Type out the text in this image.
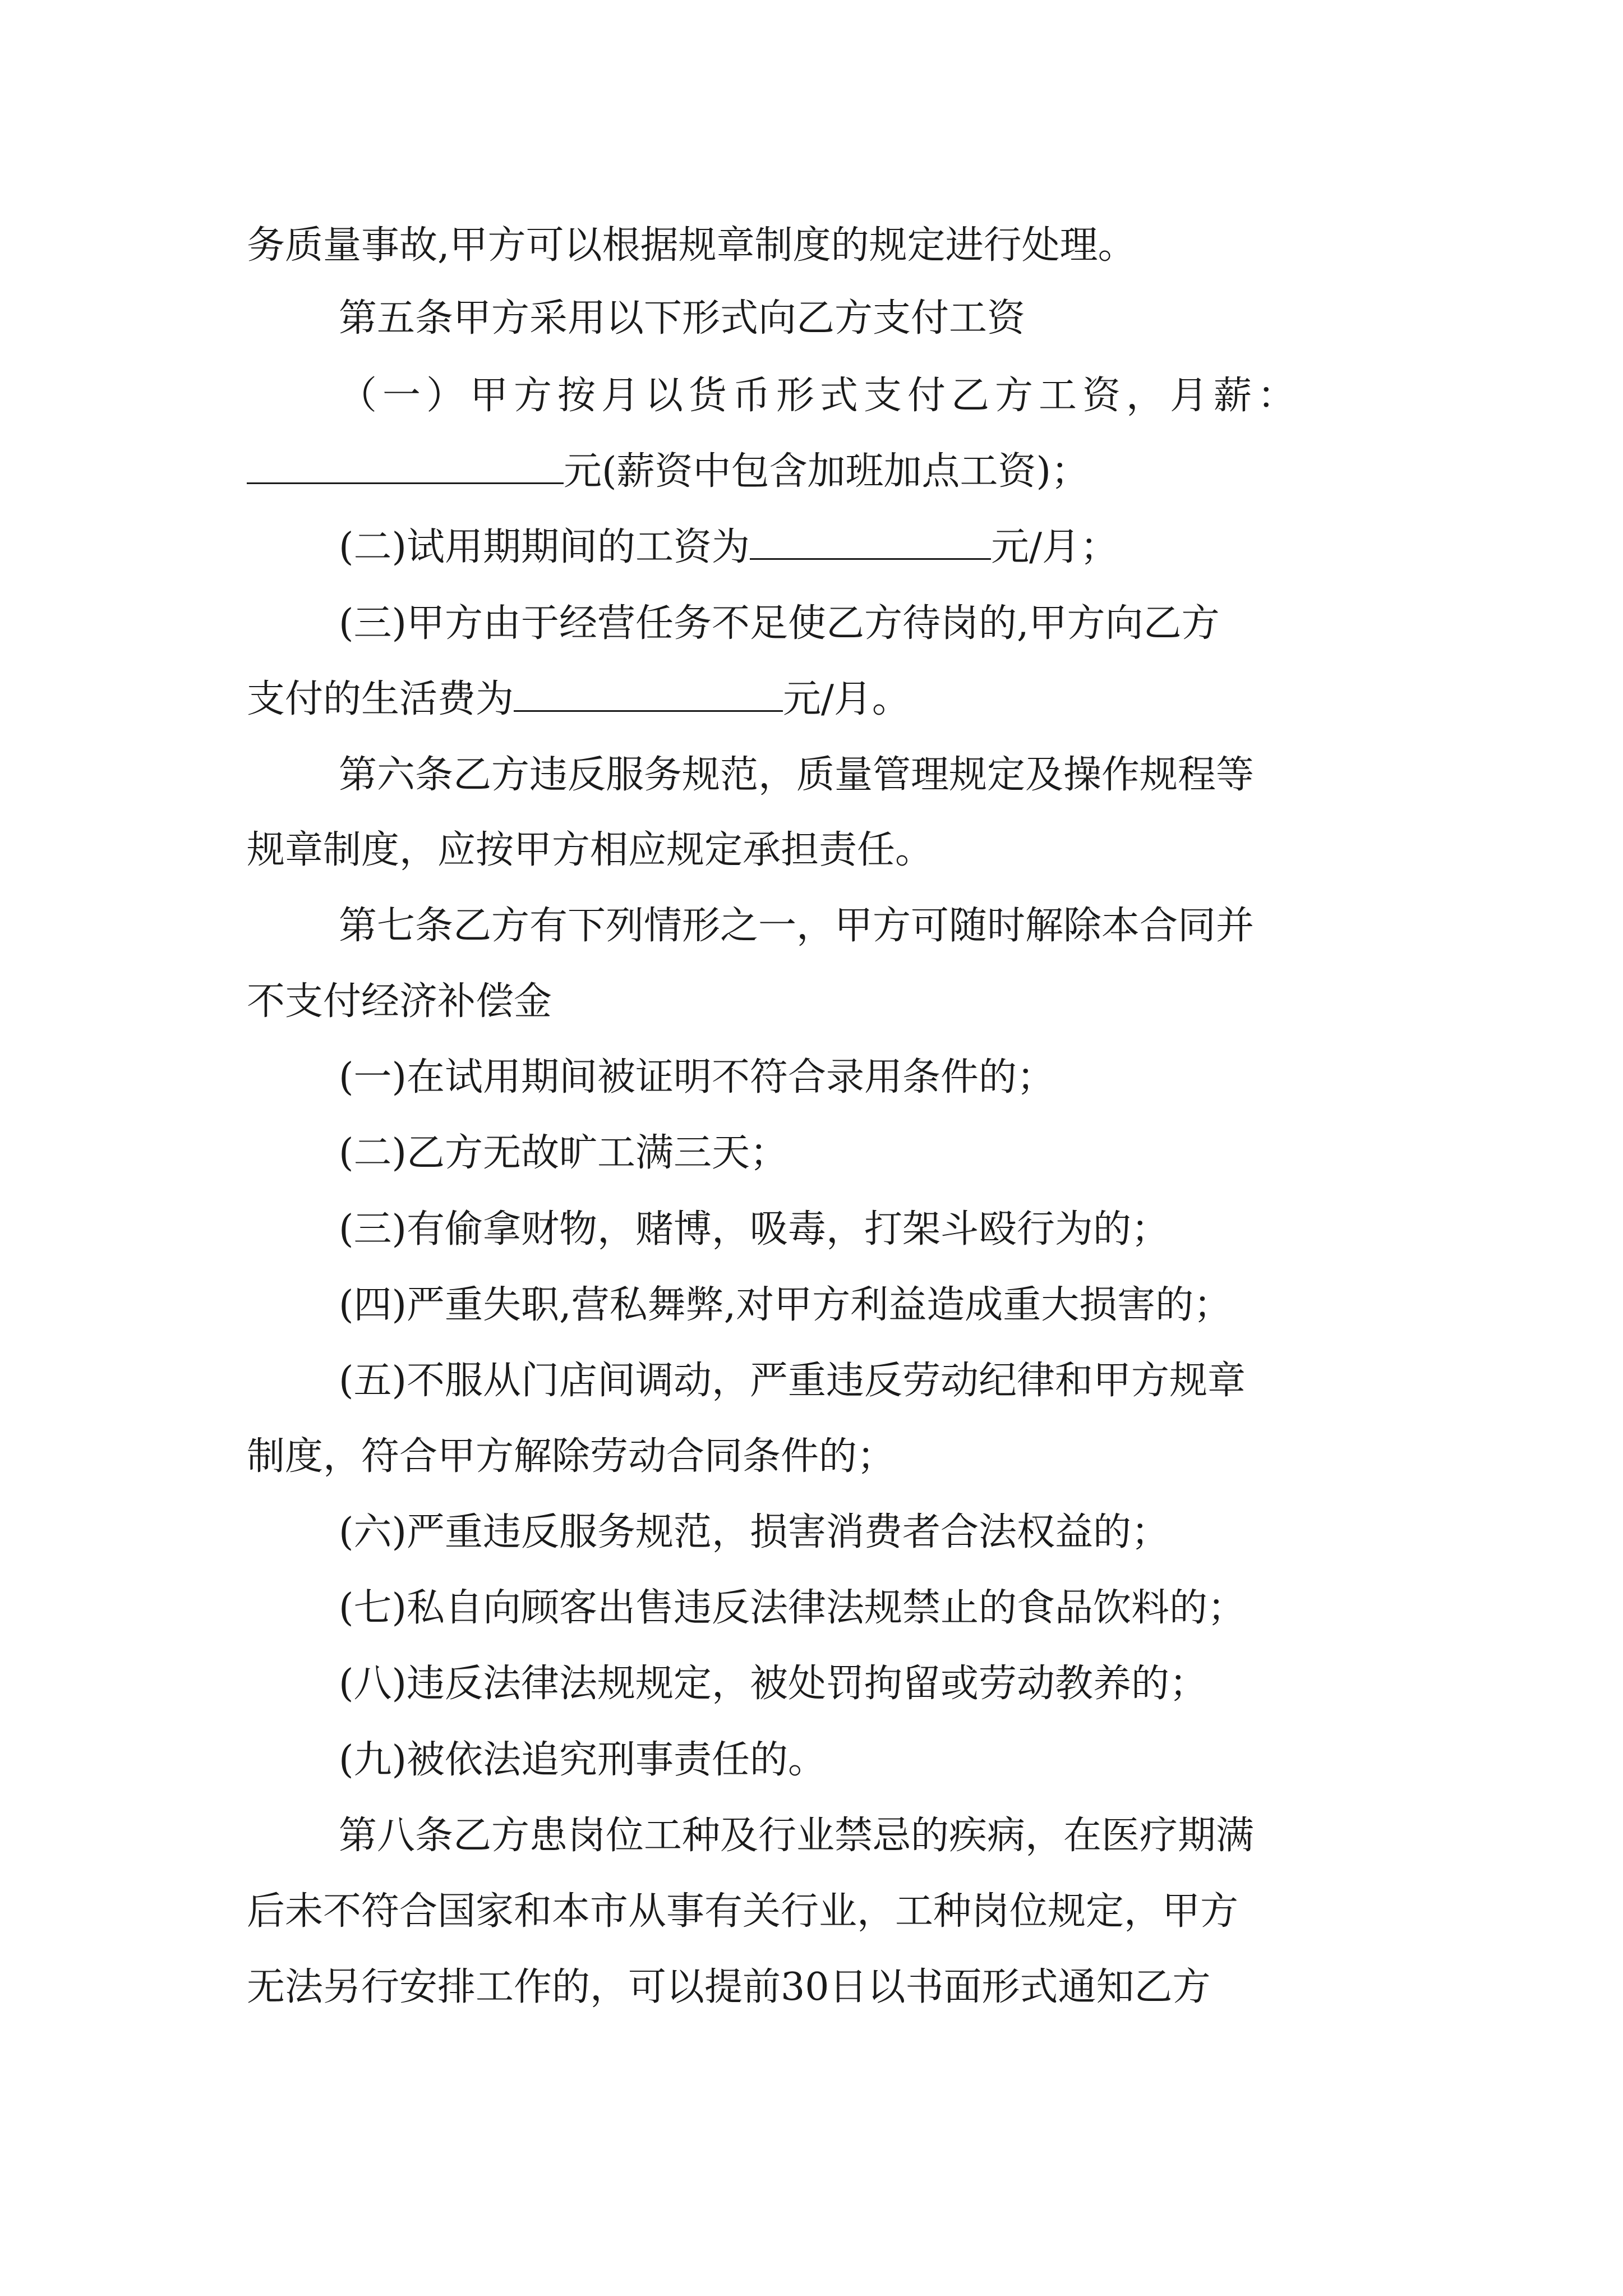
务质量事故,甲方可以根据规章制度的规定进行处理。
第五条甲方采用以下形式向乙方支付工资
（一）甲方按月以货币形式支付乙方工资，月薪：
元(薪资中包含加班加点工资)；
(二)试用期期间的工资为	元/月；
(三)甲方由于经营任务不足使乙方待岗的,甲方向乙方
支付的生活费为	元/月。
第六条乙方违反服务规范，质量管理规定及操作规程等
规章制度，应按甲方相应规定承担责任。
第七条乙方有下列情形之一，甲方可随时解除本合同并
不支付经济补偿金
(一)在试用期间被证明不符合录用条件的；
(二)乙方无故旷工满三天；
(三)有偷拿财物，赌博，吸毒，打架斗殴行为的；
(四)严重失职,营私舞弊,对甲方利益造成重大损害的；
(五)不服从门店间调动，严重违反劳动纪律和甲方规章
制度，符合甲方解除劳动合同条件的；
(六)严重违反服务规范，损害消费者合法权益的；
(七)私自向顾客出售违反法律法规禁止的食品饮料的；
(八)违反法律法规规定，被处罚拘留或劳动教养的；
(九)被依法追究刑事责任的。
第八条乙方患岗位工种及行业禁忌的疾病，在医疗期满
后未不符合国家和本市从事有关行业，工种岗位规定，甲方
无法另行安排工作的，可以提前30日以书面形式通知乙方
